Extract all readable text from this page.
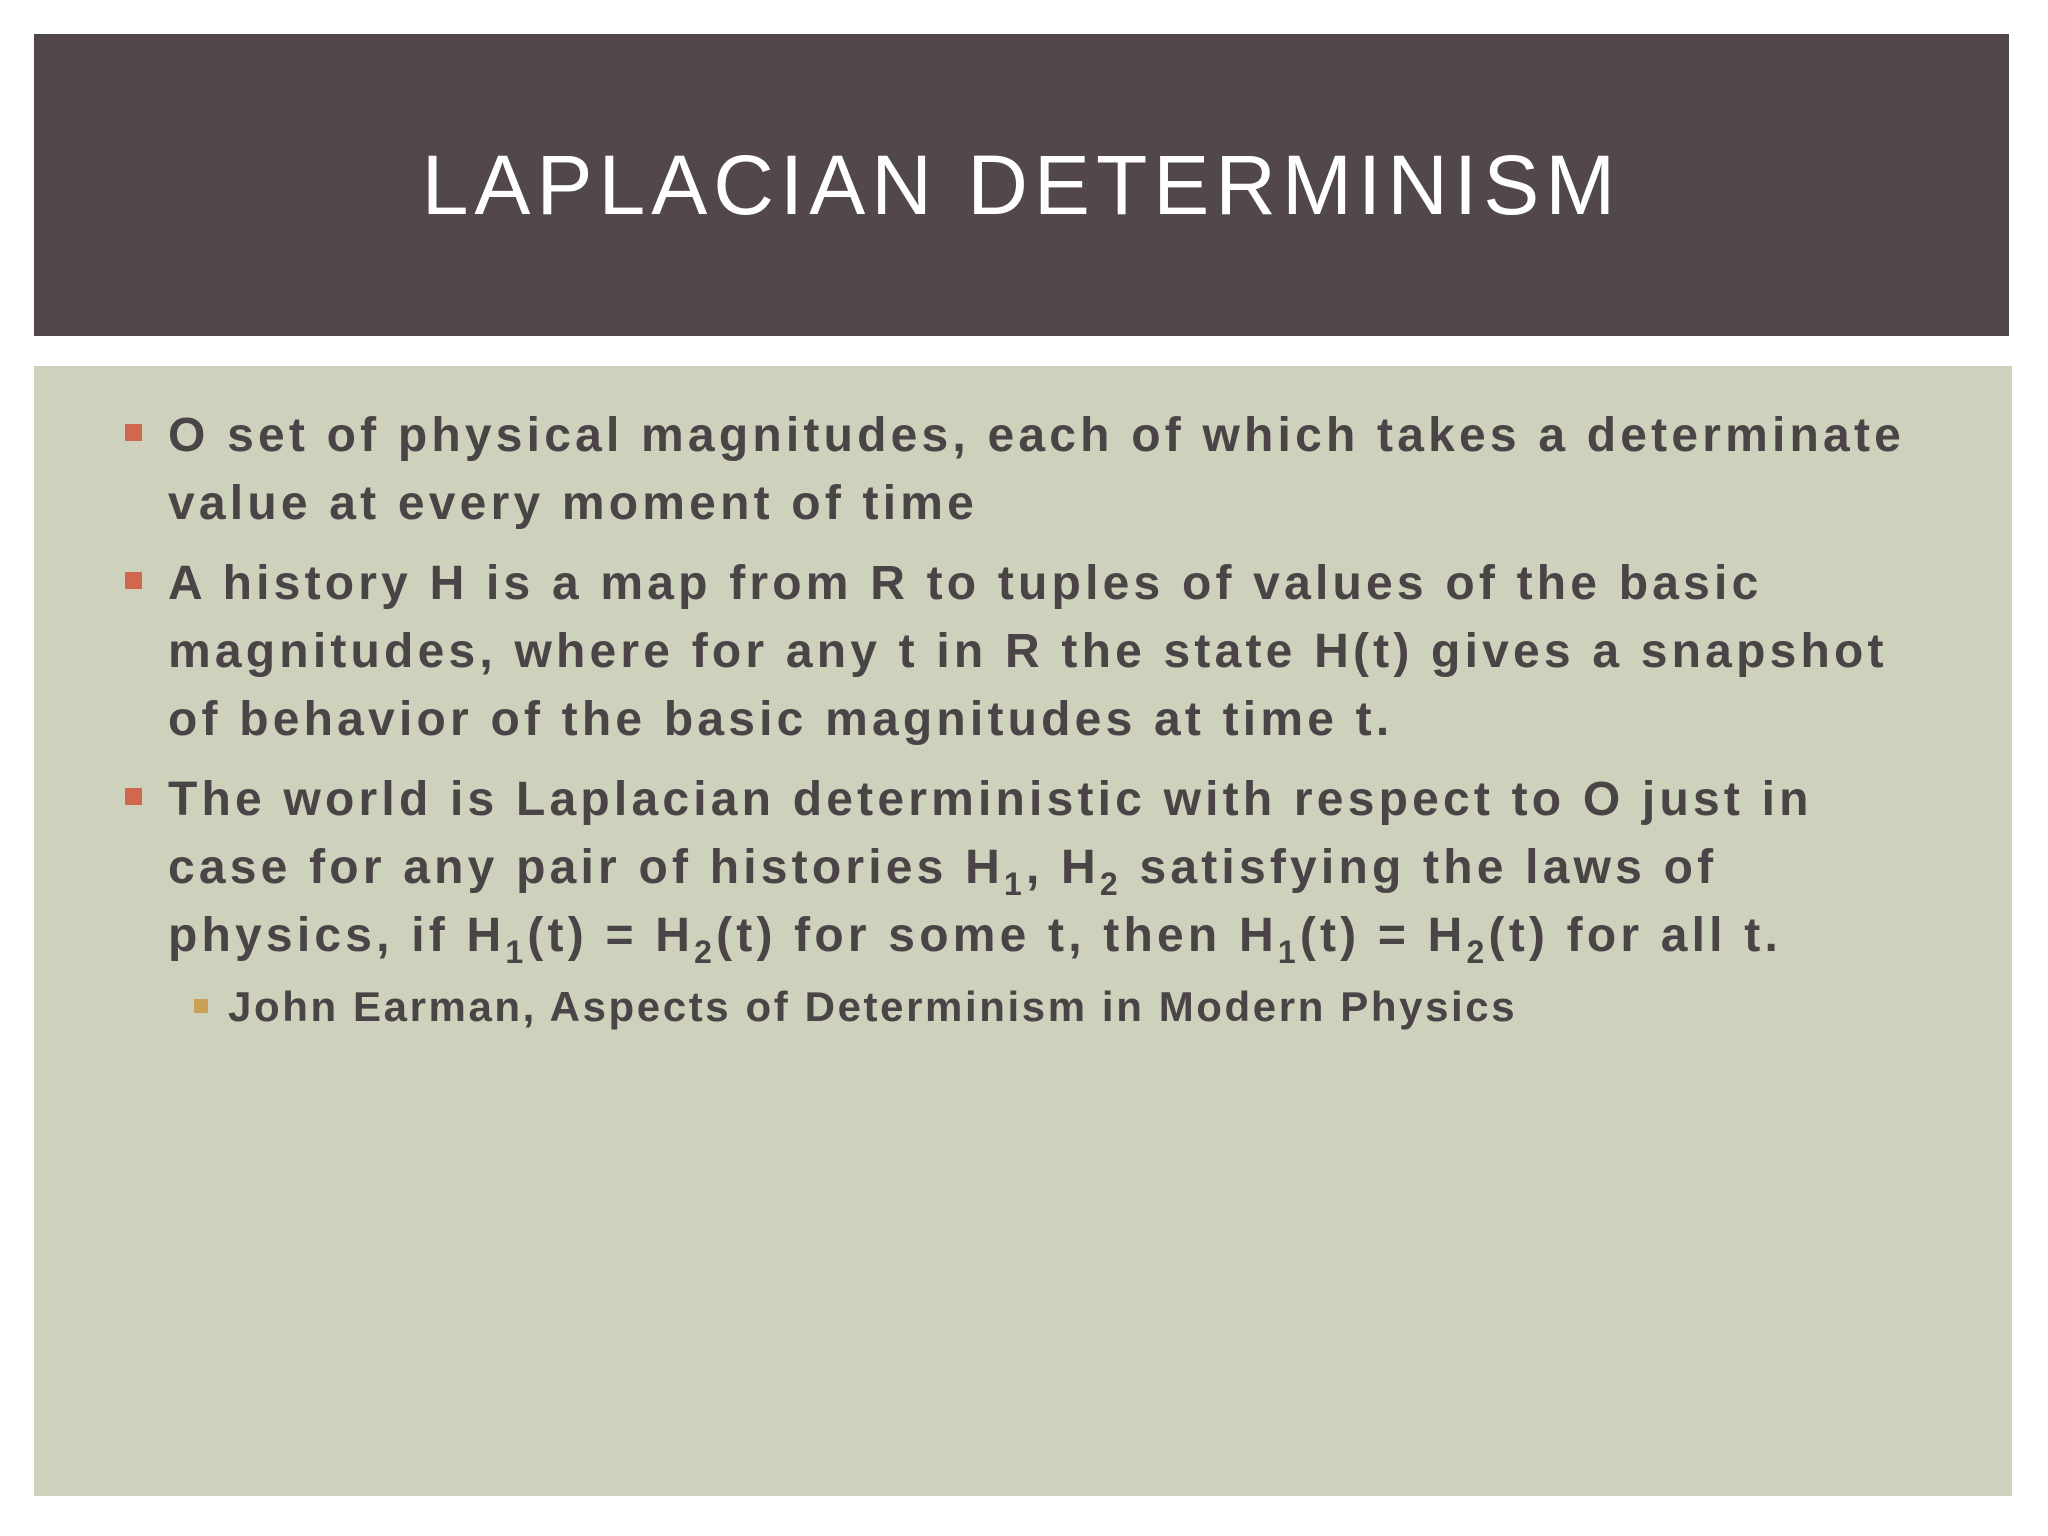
LAPLACIAN DETERMINISM
O set of physical magnitudes, each of which takes a determinate value at every moment of time
A history H is a map from R to tuples of values of the basic magnitudes, where for any t in R the state H(t) gives a snapshot of behavior of the basic magnitudes at time t.
The world is Laplacian deterministic with respect to O just in case for any pair of histories $H_1$, $H_2$ satisfying the laws of physics, if $H_1(t) = H_2(t)$ for some t, then $H_1(t) = H_2(t)$ for all t.
John Earman, Aspects of Determinism in Modern Physics
